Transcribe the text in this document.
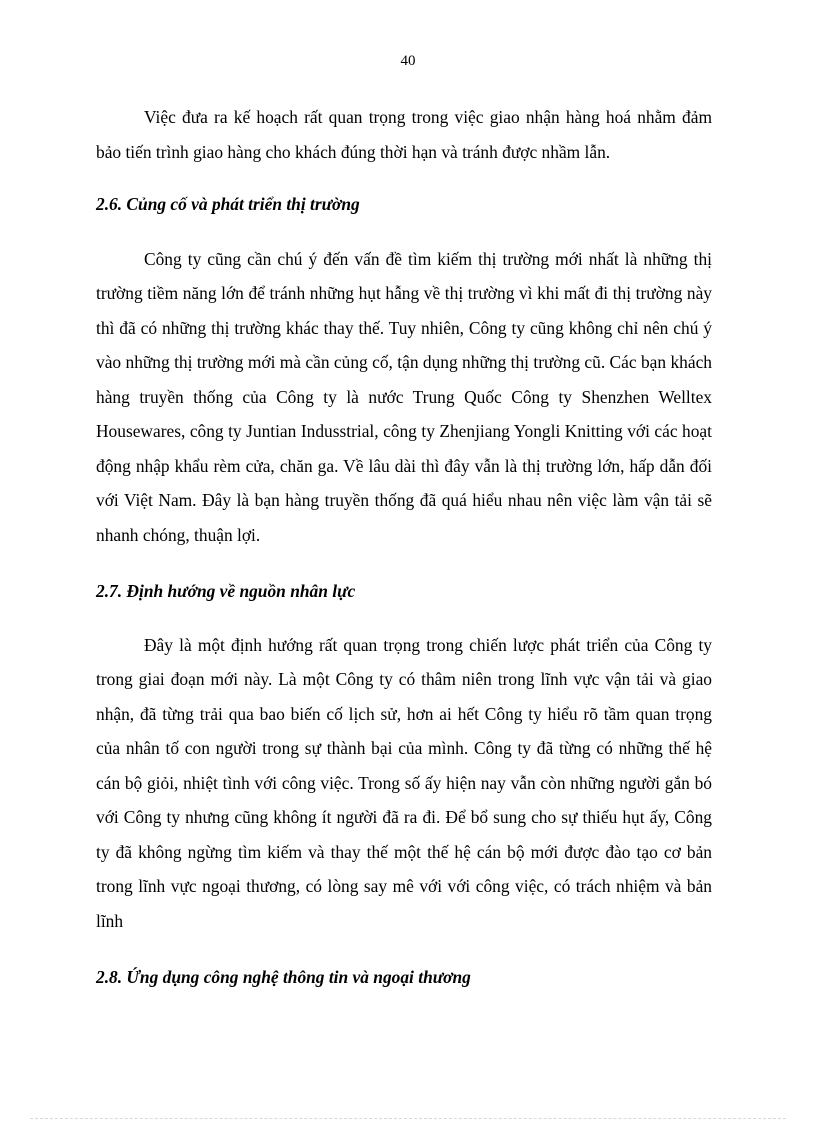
40

Việc đưa ra kế hoạch rất quan trọng trong việc giao nhận hàng hoá nhằm đảm bảo tiến trình giao hàng cho khách đúng thời hạn và tránh được nhầm lẫn.

2.6. Củng cố và phát triển thị trường

Công ty cũng cần chú ý đến vấn đề tìm kiếm thị trường mới nhất là những thị trường tiềm năng lớn để tránh những hụt hẫng về thị trường vì khi mất đi thị trường này thì đã có những thị trường khác thay thế. Tuy nhiên, Công ty cũng không chỉ nên chú ý vào những thị trường mới mà cần củng cố, tận dụng những thị trường cũ. Các bạn khách hàng truyền thống của Công ty là nước Trung Quốc Công ty Shenzhen Welltex Housewares, công ty Juntian Indusstrial, công ty Zhenjiang Yongli Knitting với các hoạt động nhập khẩu rèm cửa, chăn ga. Về lâu dài thì đây vẫn là thị trường lớn, hấp dẫn đối với Việt Nam. Đây là bạn hàng truyền thống đã quá hiểu nhau nên việc làm vận tải sẽ nhanh chóng, thuận lợi.

2.7. Định hướng về nguồn nhân lực

Đây là một định hướng rất quan trọng trong chiến lược phát triển của Công ty trong giai đoạn mới này. Là một Công ty có thâm niên trong lĩnh vực vận tải và giao nhận, đã từng trải qua bao biến cố lịch sử, hơn ai hết Công ty hiểu rõ tầm quan trọng của nhân tố con người trong sự thành bại của mình. Công ty đã từng có những thế hệ cán bộ giỏi, nhiệt tình với công việc. Trong số ấy hiện nay vẫn còn những người gắn bó với Công ty nhưng cũng không ít người đã ra đi. Để bổ sung cho sự thiếu hụt ấy, Công ty đã không ngừng tìm kiếm và thay thế một thế hệ cán bộ mới được đào tạo cơ bản trong lĩnh vực ngoại thương, có lòng say mê với với công việc, có trách nhiệm và bản lĩnh

2.8. Ứng dụng công nghệ thông tin và ngoại thương
